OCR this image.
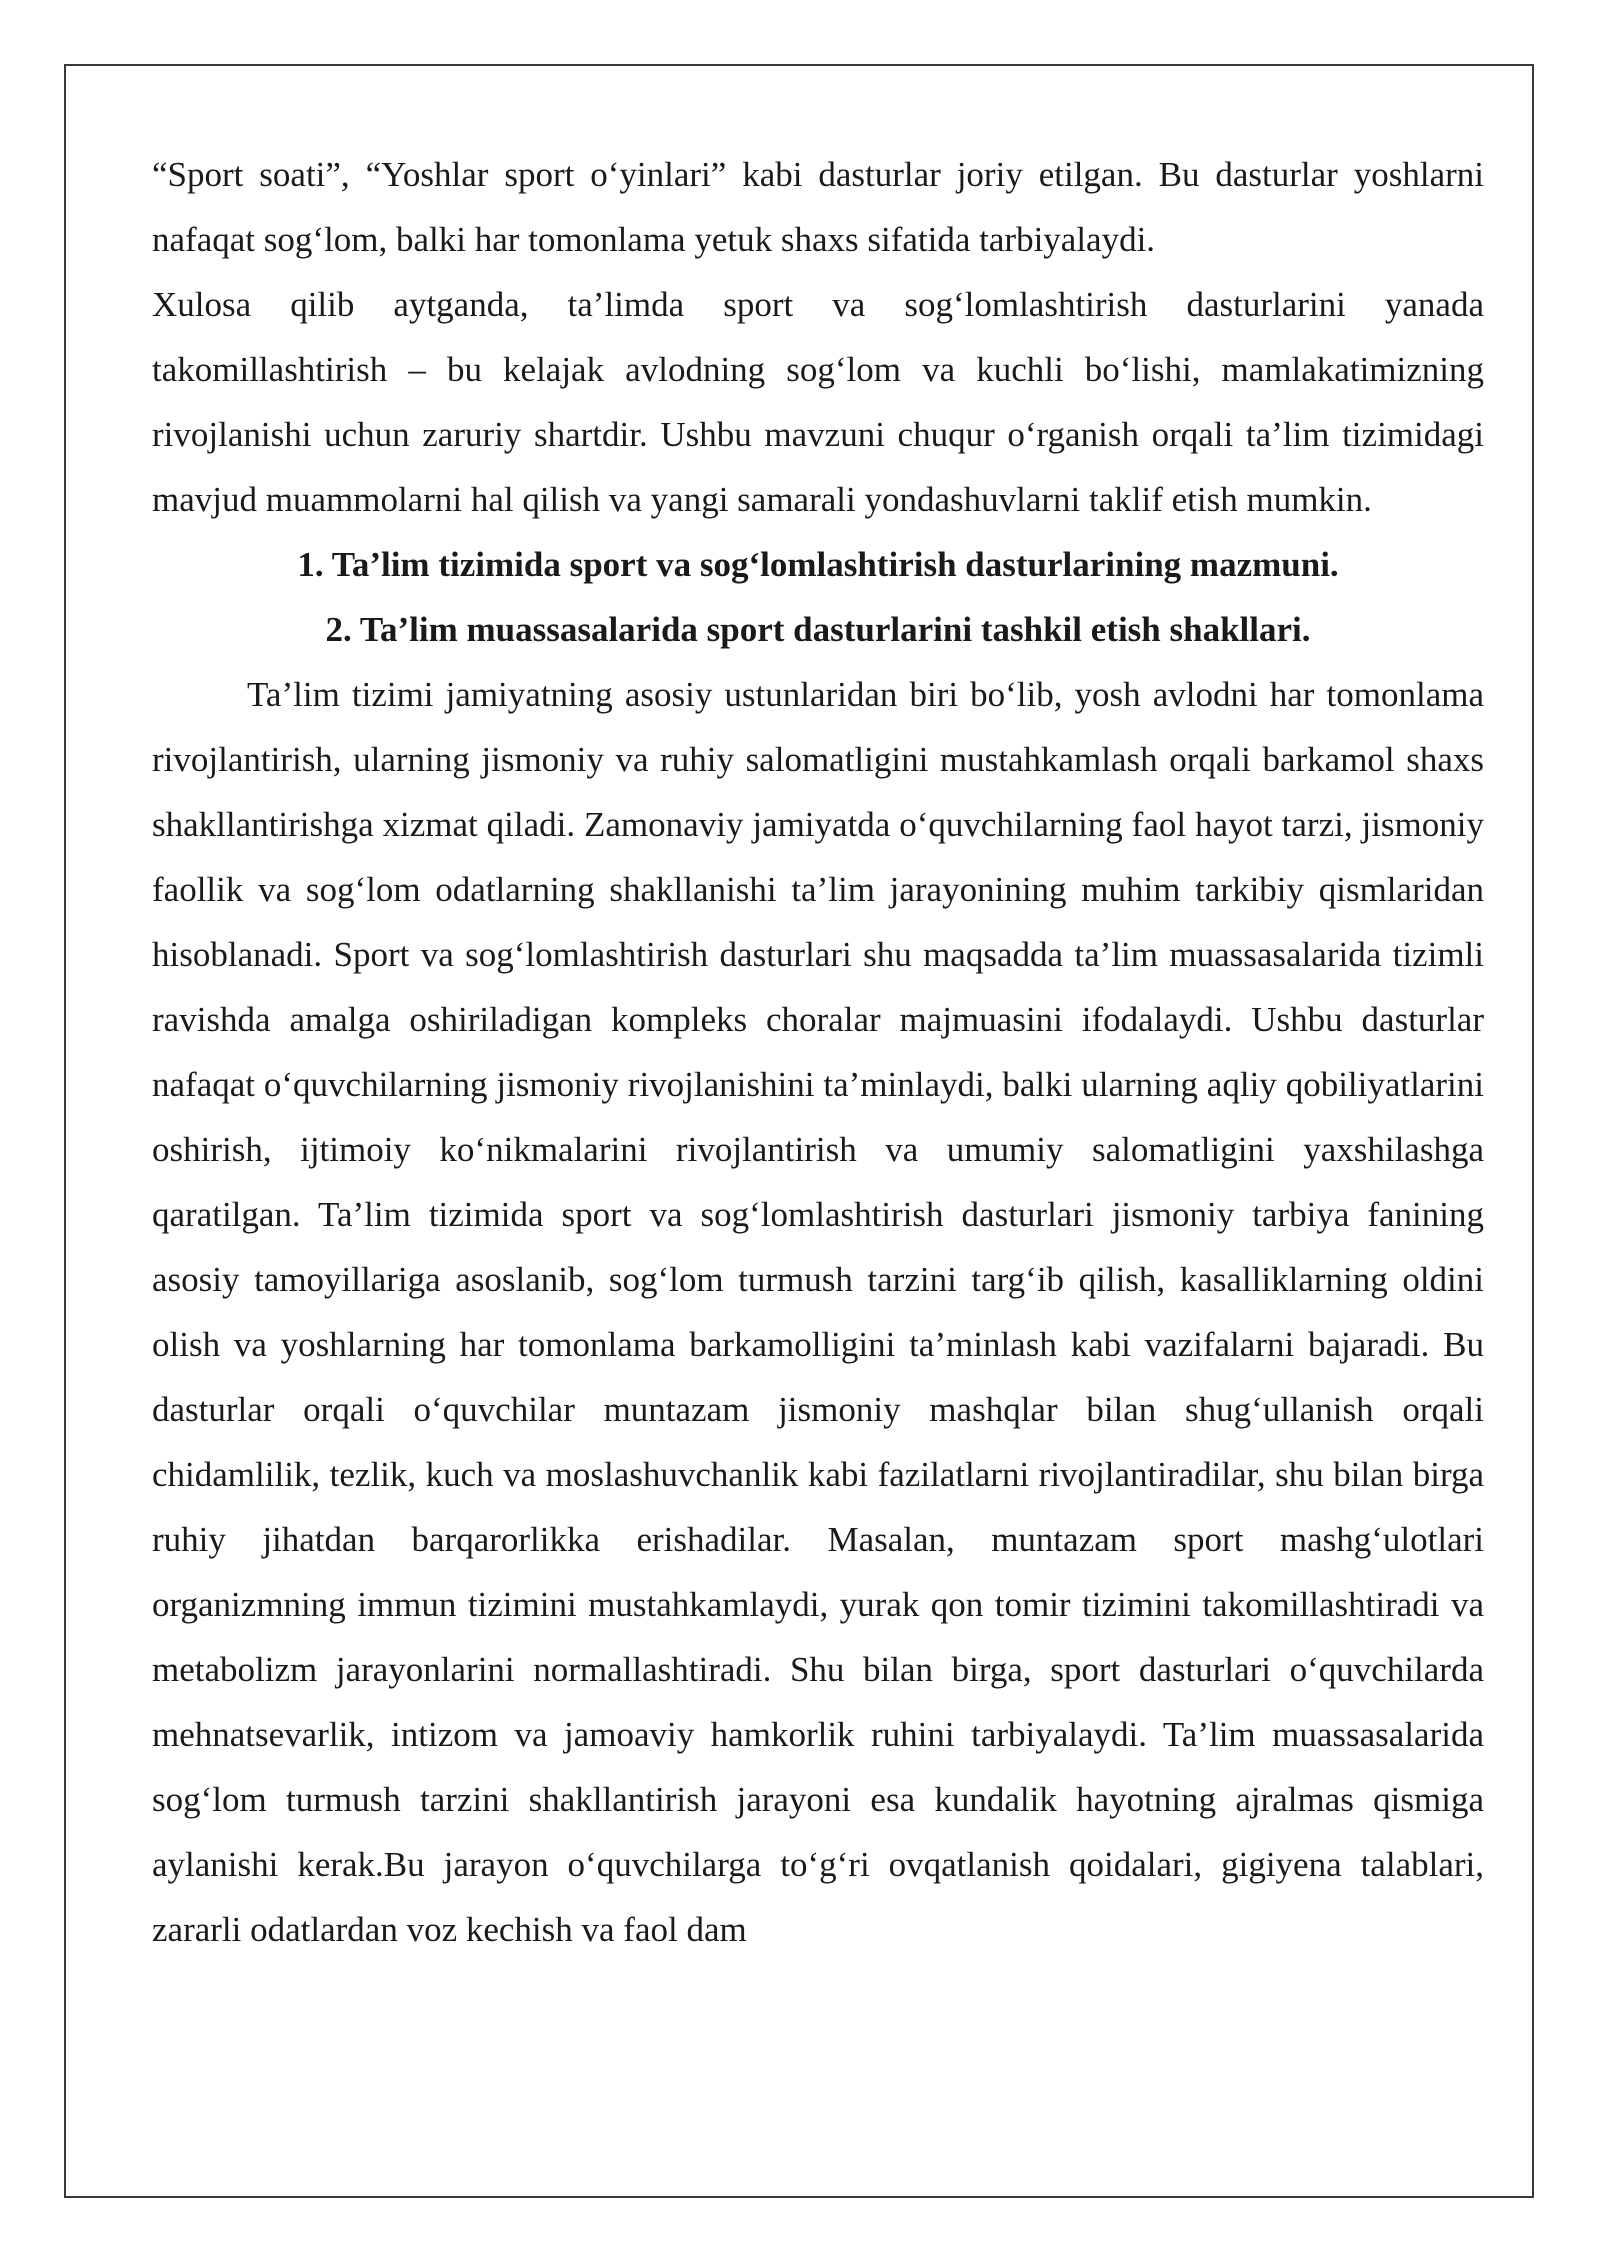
“Sport soati”, “Yoshlar sport o‘yinlari” kabi dasturlar joriy etilgan. Bu dasturlar yoshlarni nafaqat sog‘lom, balki har tomonlama yetuk shaxs sifatida tarbiyalaydi.

Xulosa qilib aytganda, ta’limda sport va sog‘lomlashtirish dasturlarini yanada takomillashtirish – bu kelajak avlodning sog‘lom va kuchli bo‘lishi, mamlakatimizning rivojlanishi uchun zaruriy shartdir. Ushbu mavzuni chuqur o‘rganish orqali ta’lim tizimidagi mavjud muammolarni hal qilish va yangi samarali yondashuvlarni taklif etish mumkin.

1. Ta’lim tizimida sport va sog‘lomlashtirish dasturlarining mazmuni.

2. Ta’lim muassasalarida sport dasturlarini tashkil etish shakllari.

Ta’lim tizimi jamiyatning asosiy ustunlaridan biri bo‘lib, yosh avlodni har tomonlama rivojlantirish, ularning jismoniy va ruhiy salomatligini mustahkamlash orqali barkamol shaxs shakllantirishga xizmat qiladi. Zamonaviy jamiyatda o‘quvchilarning faol hayot tarzi, jismoniy faollik va sog‘lom odatlarning shakllanishi ta’lim jarayonining muhim tarkibiy qismlaridan hisoblanadi. Sport va sog‘lomlashtirish dasturlari shu maqsadda ta’lim muassasalarida tizimli ravishda amalga oshiriladigan kompleks choralar majmuasini ifodalaydi. Ushbu dasturlar nafaqat o‘quvchilarning jismoniy rivojlanishini ta’minlaydi, balki ularning aqliy qobiliyatlarini oshirish, ijtimoiy ko‘nikmalarini rivojlantirish va umumiy salomatligini yaxshilashga qaratilgan. Ta’lim tizimida sport va sog‘lomlashtirish dasturlari jismoniy tarbiya fanining asosiy tamoyillariga asoslanib, sog‘lom turmush tarzini targ‘ib qilish, kasalliklarning oldini olish va yoshlarning har tomonlama barkamolligini ta’minlash kabi vazifalarni bajaradi. Bu dasturlar orqali o‘quvchilar muntazam jismoniy mashqlar bilan shug‘ullanish orqali chidamlilik, tezlik, kuch va moslashuvchanlik kabi fazilatlarni rivojlantiradilar, shu bilan birga ruhiy jihatdan barqarorlikka erishadilar. Masalan, muntazam sport mashg‘ulotlari organizmning immun tizimini mustahkamlaydi, yurak qon tomir tizimini takomillashtiradi va metabolizm jarayonlarini normallashtiradi. Shu bilan birga, sport dasturlari o‘quvchilarda mehnatsevarlik, intizom va jamoaviy hamkorlik ruhini tarbiyalaydi. Ta’lim muassasalarida sog‘lom turmush tarzini shakllantirish jarayoni esa kundalik hayotning ajralmas qismiga aylanishi kerak.Bu jarayon o‘quvchilarga to‘g‘ri ovqatlanish qoidalari, gigiyena talablari, zararli odatlardan voz kechish va faol dam
